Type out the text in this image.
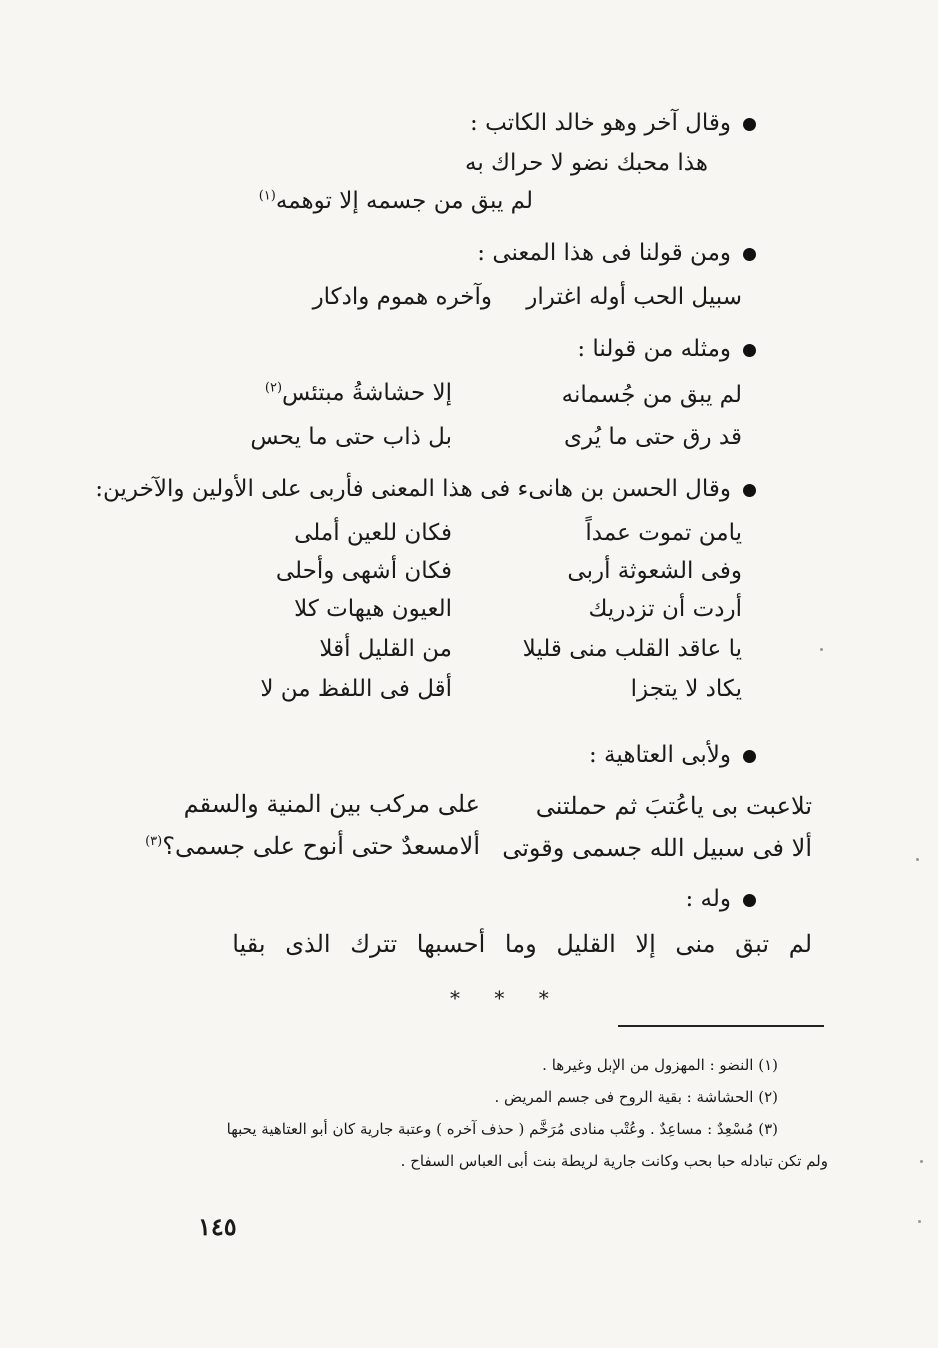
وقال آخر وهو خالد الكاتب :
هذا محبك نضو لا حراك به
لم يبق من جسمه إلا توهمه$^{(١)}$
ومن قولنا فى هذا المعنى :
سبيل الحب أوله اغترار
وآخره هموم وادكار
ومثله من قولنا :
لم يبق من جُسمانه
إلا حشاشةُ مبتئس$^{(٢)}$
قد رق حتى ما يُرى
بل ذاب حتى ما يحس
وقال الحسن بن هانىء فى هذا المعنى فأربى على الأولين والآخرين:
يامن تموت عمداً
فكان للعين أملى
وفى الشعوثة أربى
فكان أشهى وأحلى
أردت أن تزدريك
العيون هيهات كلا
يا عاقد القلب منى قليلا
من القليل أقلا
يكاد لا يتجزا
أقل فى اللفظ من لا
ولأبى العتاهية :
تلاعبت بى ياعُتبَ ثم حملتنى
على مركب بين المنية والسقم
ألا فى سبيل الله جسمى وقوتى
ألامسعدٌ حتى أنوح على جسمى؟$^{(٣)}$
وله :
لم تبق منى إلا القليل وما أحسبها تترك الذى بقيا
* * *
(١) النضو : المهزول من الإبل وغيرها .
(٢) الحشاشة : بقية الروح فى جسم المريض .
(٣) مُسْعِدٌ : مساعِدٌ . وعُتْب منادى مُرَخَّم ( حذف آخره ) وعتبة جارية كان أبو العتاهية يحبها
ولم تكن تبادله حبا بحب وكانت جارية لريطة بنت أبى العباس السفاح .
١٤٥
